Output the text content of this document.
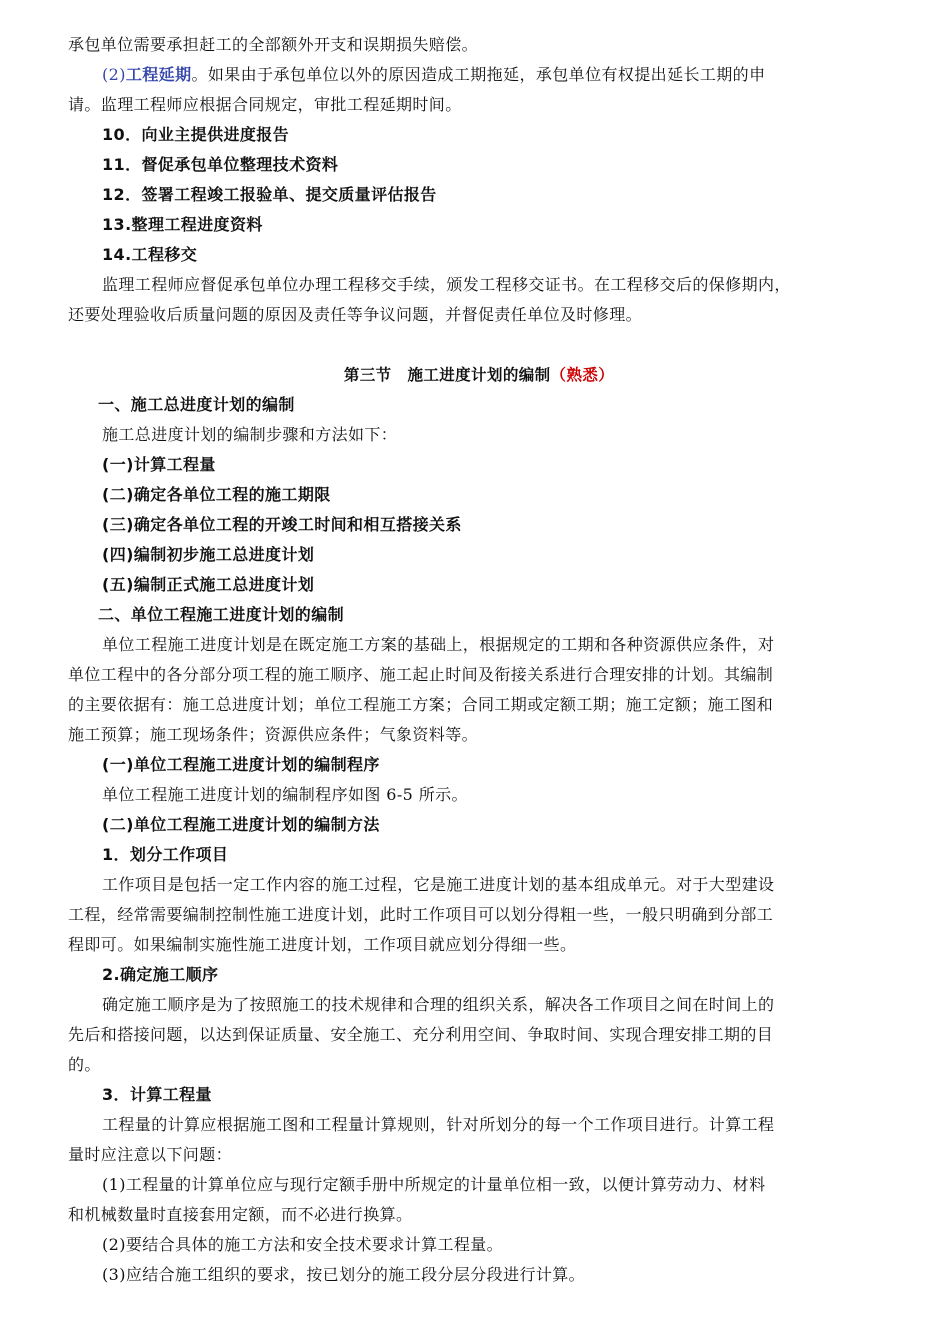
承包单位需要承担赶工的全部额外开支和误期损失赔偿。
(2)工程延期。如果由于承包单位以外的原因造成工期拖延，承包单位有权提出延长工期的申
请。监理工程师应根据合同规定，审批工程延期时间。
10．向业主提供进度报告
11．督促承包单位整理技术资料
12．签署工程竣工报验单、提交质量评估报告
13.整理工程进度资料
14.工程移交
监理工程师应督促承包单位办理工程移交手续，颁发工程移交证书。在工程移交后的保修期内，
还要处理验收后质量问题的原因及责任等争议问题，并督促责任单位及时修理。
第三节　施工进度计划的编制（熟悉）
一、施工总进度计划的编制
施工总进度计划的编制步骤和方法如下：
(一)计算工程量
(二)确定各单位工程的施工期限
(三)确定各单位工程的开竣工时间和相互搭接关系
(四)编制初步施工总进度计划
(五)编制正式施工总进度计划
二、单位工程施工进度计划的编制
单位工程施工进度计划是在既定施工方案的基础上，根据规定的工期和各种资源供应条件，对
单位工程中的各分部分项工程的施工顺序、施工起止时间及衔接关系进行合理安排的计划。其编制
的主要依据有：施工总进度计划；单位工程施工方案；合同工期或定额工期；施工定额；施工图和
施工预算；施工现场条件；资源供应条件；气象资料等。
(一)单位工程施工进度计划的编制程序
单位工程施工进度计划的编制程序如图 6-5 所示。
(二)单位工程施工进度计划的编制方法
1．划分工作项目
工作项目是包括一定工作内容的施工过程，它是施工进度计划的基本组成单元。对于大型建设
工程，经常需要编制控制性施工进度计划，此时工作项目可以划分得粗一些，一般只明确到分部工
程即可。如果编制实施性施工进度计划，工作项目就应划分得细一些。
2.确定施工顺序
确定施工顺序是为了按照施工的技术规律和合理的组织关系，解决各工作项目之间在时间上的
先后和搭接问题，以达到保证质量、安全施工、充分利用空间、争取时间、实现合理安排工期的目
的。
3．计算工程量
工程量的计算应根据施工图和工程量计算规则，针对所划分的每一个工作项目进行。计算工程
量时应注意以下问题：
(1)工程量的计算单位应与现行定额手册中所规定的计量单位相一致，以便计算劳动力、材料
和机械数量时直接套用定额，而不必进行换算。
(2)要结合具体的施工方法和安全技术要求计算工程量。
(3)应结合施工组织的要求，按已划分的施工段分层分段进行计算。
